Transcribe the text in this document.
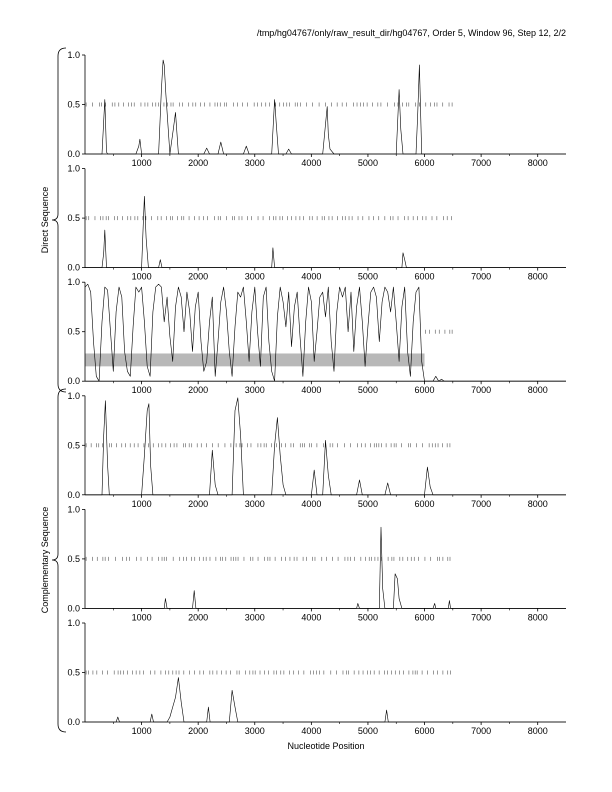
/tmp/hg04767/only/raw_result_dir/hg04767, Order 5, Window 96, Step 12, 2/2
0.0
0.5
1.0
1000	2000	3000	4000	5000	6000	7000	8000
0.0
0.5
1.0
1000	2000	3000	4000	5000	6000	7000	8000
0.0
0.5
1.0
1000	2000	3000	4000	5000	6000	7000	8000
0.0
0.5
1.0
1000	2000	3000	4000	5000	6000	7000	8000
0.0
0.5
1.0
1000	2000	3000	4000	5000	6000	7000	8000
0.0
0.5
1.0
1000	2000	3000	4000	5000	6000	7000	8000
Nucleotide Position
Direct Sequence
Complementary Sequence
